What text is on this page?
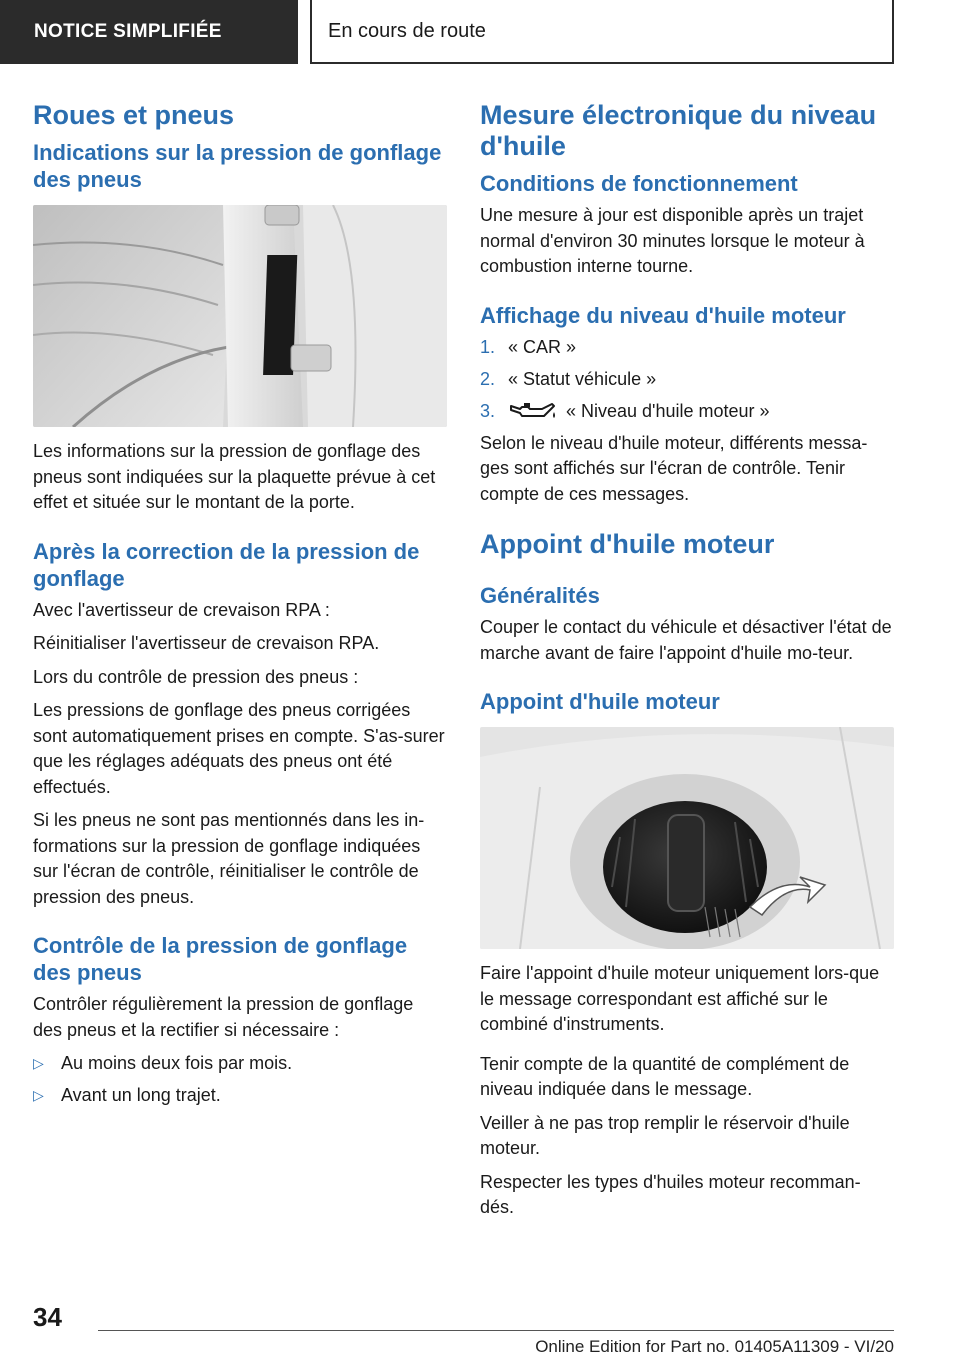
NOTICE SIMPLIFIÉE	En cours de route
Roues et pneus
Indications sur la pression de gonflage des pneus

Les informations sur la pression de gonflage des pneus sont indiquées sur la plaquette prévue à cet effet et située sur le montant de la porte.

Après la correction de la pression de gonflage

Avec l'avertisseur de crevaison RPA :

Réinitialiser l'avertisseur de crevaison RPA.

Lors du contrôle de pression des pneus :

Les pressions de gonflage des pneus corrigées sont automatiquement prises en compte. S'as-surer que les réglages adéquats des pneus ont été effectués.

Si les pneus ne sont pas mentionnés dans les in-formations sur la pression de gonflage indiquées sur l'écran de contrôle, réinitialiser le contrôle de pression des pneus.

Contrôle de la pression de gonflage des pneus

Contrôler régulièrement la pression de gonflage des pneus et la rectifier si nécessaire :

▷ Au moins deux fois par mois.
▷ Avant un long trajet.
Mesure électronique du niveau d'huile
Conditions de fonctionnement

Une mesure à jour est disponible après un trajet normal d'environ 30 minutes lorsque le moteur à combustion interne tourne.

Affichage du niveau d'huile moteur
1. « CAR »
2. « Statut véhicule »
3.	« Niveau d'huile moteur »

Selon le niveau d'huile moteur, différents messa-ges sont affichés sur l'écran de contrôle. Tenir compte de ces messages.

Appoint d'huile moteur
Généralités

Couper le contact du véhicule et désactiver l'état de marche avant de faire l'appoint d'huile mo-teur.

Appoint d'huile moteur

Faire l'appoint d'huile moteur uniquement lors-que le message correspondant est affiché sur le combiné d'instruments.

Tenir compte de la quantité de complément de niveau indiquée dans le message.

Veiller à ne pas trop remplir le réservoir d'huile moteur.

Respecter les types d'huiles moteur recomman-dés.

34
Online Edition for Part no. 01405A11309 - VI/20
